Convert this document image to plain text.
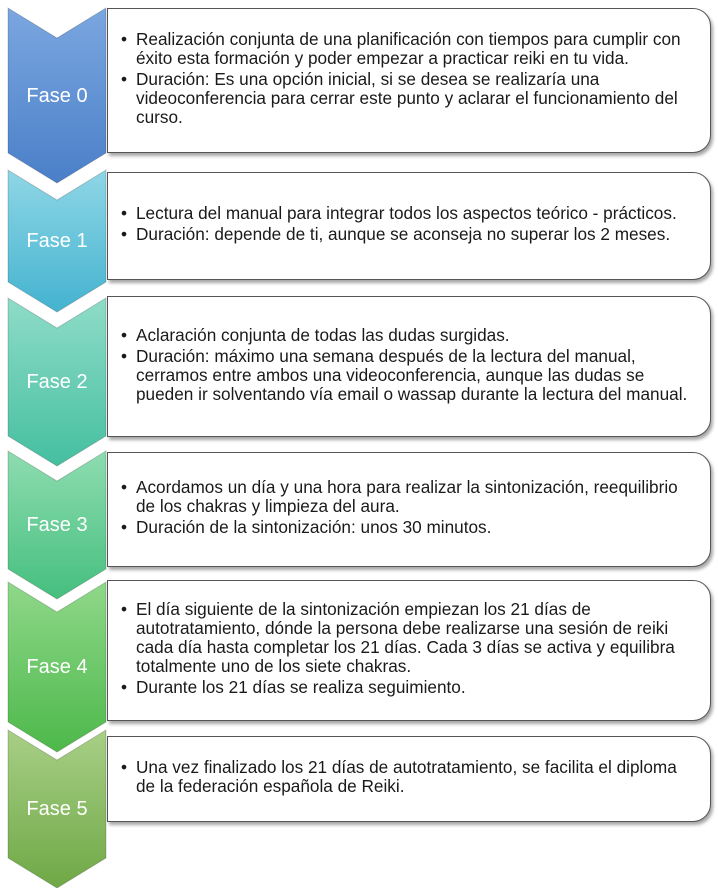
• Realización conjunta de una planificación con tiempos para cumplir con éxito esta formación y poder empezar a practicar reiki en tu vida.
• Duración: Es una opción inicial, si se desea se realizaría una videoconferencia para cerrar este punto y aclarar el funcionamiento del curso.
Fase 0
• Lectura del manual para integrar todos los aspectos teórico - prácticos.
• Duración: depende de ti, aunque se aconseja no superar los 2 meses.
Fase 1
• Aclaración conjunta de todas las dudas surgidas.
• Duración: máximo una semana después de la lectura del manual, cerramos entre ambos una videoconferencia, aunque las dudas se pueden ir solventando vía email o wassap durante la lectura del manual.
Fase 2
• Acordamos un día y una hora para realizar la sintonización, reequilibrio de los chakras y limpieza del aura.
• Duración de la sintonización: unos 30 minutos.
Fase 3
• El día siguiente de la sintonización empiezan los 21 días de autotratamiento, dónde la persona debe realizarse una sesión de reiki cada día hasta completar los 21 días. Cada 3 días se activa y equilibra totalmente uno de los siete chakras.
• Durante los 21 días se realiza seguimiento.
Fase 4
• Una vez finalizado los 21 días de autotratamiento, se facilita el diploma de la federación española de Reiki.
Fase 5
